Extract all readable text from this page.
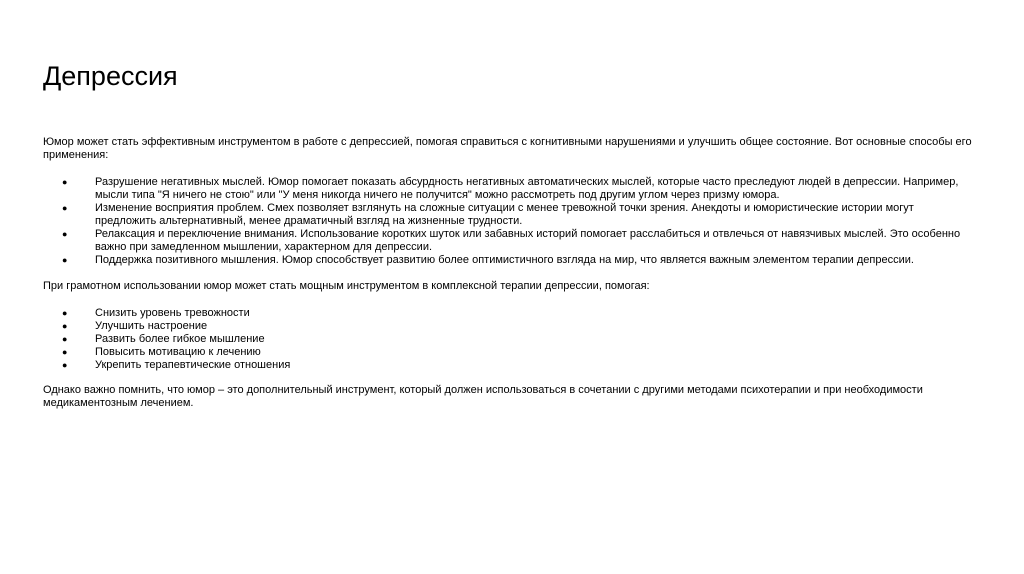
Депрессия

Юмор может стать эффективным инструментом в работе с депрессией, помогая справиться с когнитивными нарушениями и улучшить общее состояние. Вот основные способы его применения:

●	Разрушение негативных мыслей. Юмор помогает показать абсурдность негативных автоматических мыслей, которые часто преследуют людей в депрессии. Например, мысли типа "Я ничего не стою" или "У меня никогда ничего не получится" можно рассмотреть под другим углом через призму юмора.
●	Изменение восприятия проблем. Смех позволяет взглянуть на сложные ситуации с менее тревожной точки зрения. Анекдоты и юмористические истории могут предложить альтернативный, менее драматичный взгляд на жизненные трудности.
●	Релаксация и переключение внимания. Использование коротких шуток или забавных историй помогает расслабиться и отвлечься от навязчивых мыслей. Это особенно важно при замедленном мышлении, характерном для депрессии.
●	Поддержка позитивного мышления. Юмор способствует развитию более оптимистичного взгляда на мир, что является важным элементом терапии депрессии.

При грамотном использовании юмор может стать мощным инструментом в комплексной терапии депрессии, помогая:

●	Снизить уровень тревожности
●	Улучшить настроение
●	Развить более гибкое мышление
●	Повысить мотивацию к лечению
●	Укрепить терапевтические отношения

Однако важно помнить, что юмор – это дополнительный инструмент, который должен использоваться в сочетании с другими методами психотерапии и при необходимости медикаментозным лечением.
